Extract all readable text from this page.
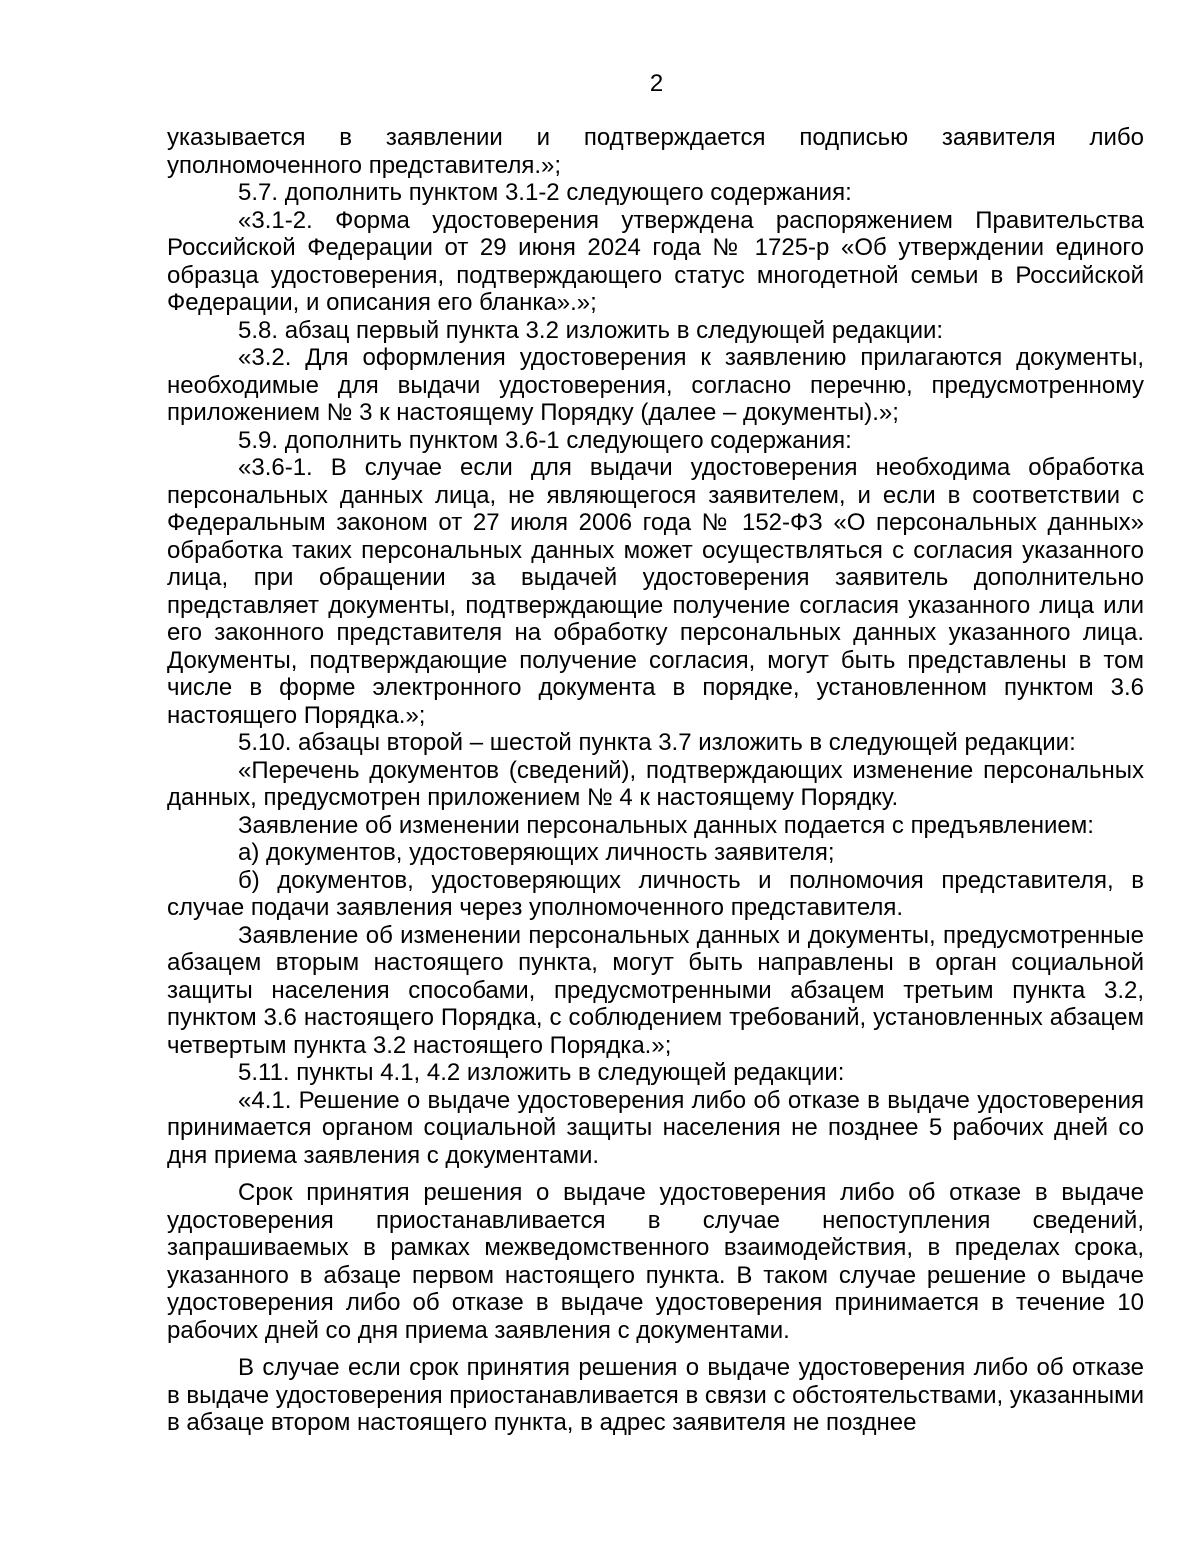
2

указывается в заявлении и подтверждается подписью заявителя либо уполномоченного представителя.»;

5.7. дополнить пунктом 3.1-2 следующего содержания:

«3.1-2. Форма удостоверения утверждена распоряжением Правительства Российской Федерации от 29 июня 2024 года № 1725-р «Об утверждении единого образца удостоверения, подтверждающего статус многодетной семьи в Российской Федерации, и описания его бланка».»;

5.8. абзац первый пункта 3.2 изложить в следующей редакции:

«3.2. Для оформления удостоверения к заявлению прилагаются документы, необходимые для выдачи удостоверения, согласно перечню, предусмотренному приложением № 3 к настоящему Порядку (далее – документы).»;

5.9. дополнить пунктом 3.6-1 следующего содержания:

«3.6-1. В случае если для выдачи удостоверения необходима обработка персональных данных лица, не являющегося заявителем, и если в соответствии с Федеральным законом от 27 июля 2006 года № 152-ФЗ «О персональных данных» обработка таких персональных данных может осуществляться с согласия указанного лица, при обращении за выдачей удостоверения заявитель дополнительно представляет документы, подтверждающие получение согласия указанного лица или его законного представителя на обработку персональных данных указанного лица. Документы, подтверждающие получение согласия, могут быть представлены в том числе в форме электронного документа в порядке, установленном пунктом 3.6 настоящего Порядка.»;

5.10. абзацы второй – шестой пункта 3.7 изложить в следующей редакции:

«Перечень документов (сведений), подтверждающих изменение персональных данных, предусмотрен приложением № 4 к настоящему Порядку.

Заявление об изменении персональных данных подается с предъявлением:

а) документов, удостоверяющих личность заявителя;

б) документов, удостоверяющих личность и полномочия представителя, в случае подачи заявления через уполномоченного представителя.

Заявление об изменении персональных данных и документы, предусмотренные абзацем вторым настоящего пункта, могут быть направлены в орган социальной защиты населения способами, предусмотренными абзацем третьим пункта 3.2, пунктом 3.6 настоящего Порядка, с соблюдением требований, установленных абзацем четвертым пункта 3.2 настоящего Порядка.»;

5.11. пункты 4.1, 4.2 изложить в следующей редакции:

«4.1. Решение о выдаче удостоверения либо об отказе в выдаче удостоверения принимается органом социальной защиты населения не позднее 5 рабочих дней со дня приема заявления с документами.

Срок принятия решения о выдаче удостоверения либо об отказе в выдаче удостоверения приостанавливается в случае непоступления сведений, запрашиваемых в рамках межведомственного взаимодействия, в пределах срока, указанного в абзаце первом настоящего пункта. В таком случае решение о выдаче удостоверения либо об отказе в выдаче удостоверения принимается в течение 10 рабочих дней со дня приема заявления с документами.

В случае если срок принятия решения о выдаче удостоверения либо об отказе в выдаче удостоверения приостанавливается в связи с обстоятельствами, указанными в абзаце втором настоящего пункта, в адрес заявителя не позднее
